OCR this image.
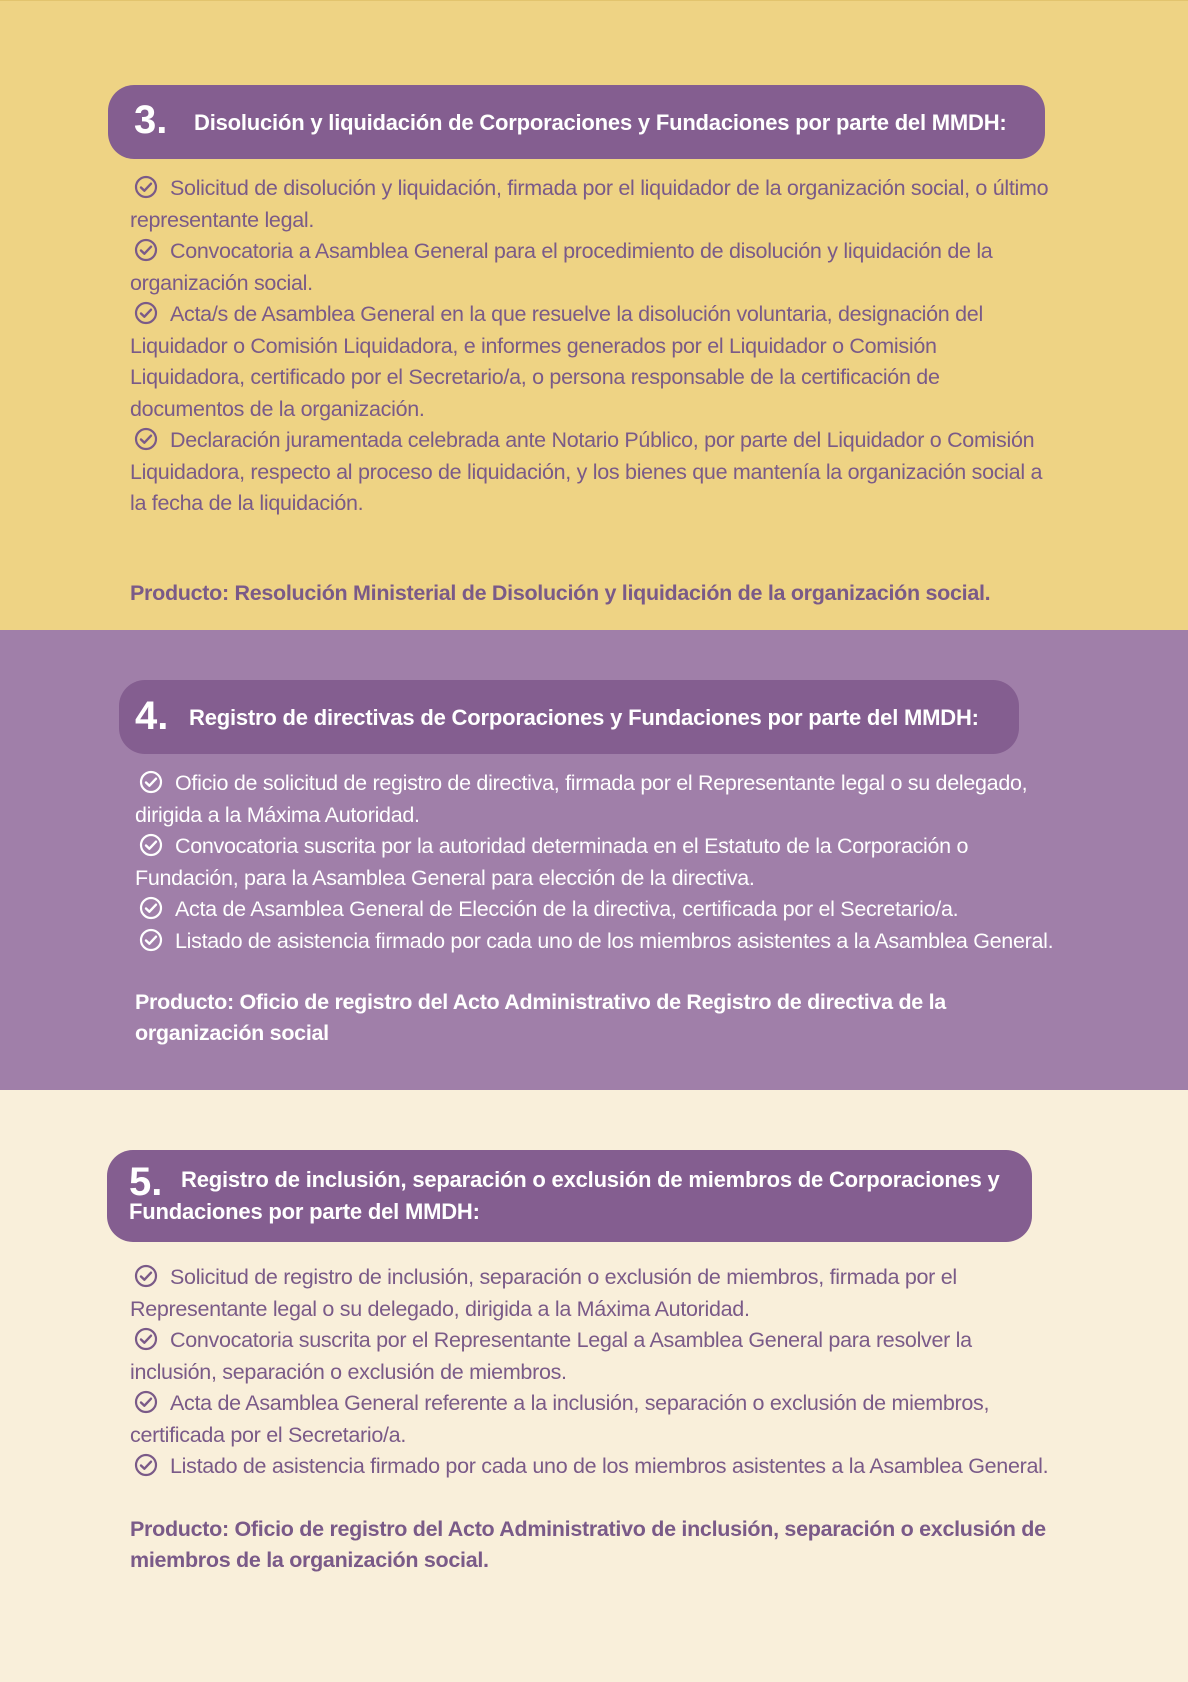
3. Disolución y liquidación de Corporaciones y Fundaciones por parte del MMDH:
Solicitud de disolución y liquidación, firmada por el liquidador de la organización social, o último representante legal.
Convocatoria a Asamblea General para el procedimiento de disolución y liquidación de la organización social.
Acta/s de Asamblea General en la que resuelve la disolución voluntaria, designación del Liquidador o Comisión Liquidadora, e informes generados por el Liquidador o Comisión Liquidadora, certificado por el Secretario/a, o persona responsable de la certificación de documentos de la organización.
Declaración juramentada celebrada ante Notario Público, por parte del Liquidador o Comisión Liquidadora, respecto al proceso de liquidación, y los bienes que mantenía la organización social a la fecha de la liquidación.
Producto: Resolución Ministerial de Disolución y liquidación de la organización social.
4. Registro de directivas de Corporaciones y Fundaciones por parte del MMDH:
Oficio de solicitud de registro de directiva, firmada por el Representante legal o su delegado, dirigida a la Máxima Autoridad.
Convocatoria suscrita por la autoridad determinada en el Estatuto de la Corporación o Fundación, para la Asamblea General para elección de la directiva.
Acta de Asamblea General de Elección de la directiva, certificada por el Secretario/a.
Listado de asistencia firmado por cada uno de los miembros asistentes a la Asamblea General.
Producto: Oficio de registro del Acto Administrativo de Registro de directiva de la organización social
5. Registro de inclusión, separación o exclusión de miembros de Corporaciones y Fundaciones por parte del MMDH:
Solicitud de registro de inclusión, separación o exclusión de miembros, firmada por el Representante legal o su delegado, dirigida a la Máxima Autoridad.
Convocatoria suscrita por el Representante Legal a Asamblea General para resolver la inclusión, separación o exclusión de miembros.
Acta de Asamblea General referente a la inclusión, separación o exclusión de miembros, certificada por el Secretario/a.
Listado de asistencia firmado por cada uno de los miembros asistentes a la Asamblea General.
Producto: Oficio de registro del Acto Administrativo de inclusión, separación o exclusión de miembros de la organización social.
